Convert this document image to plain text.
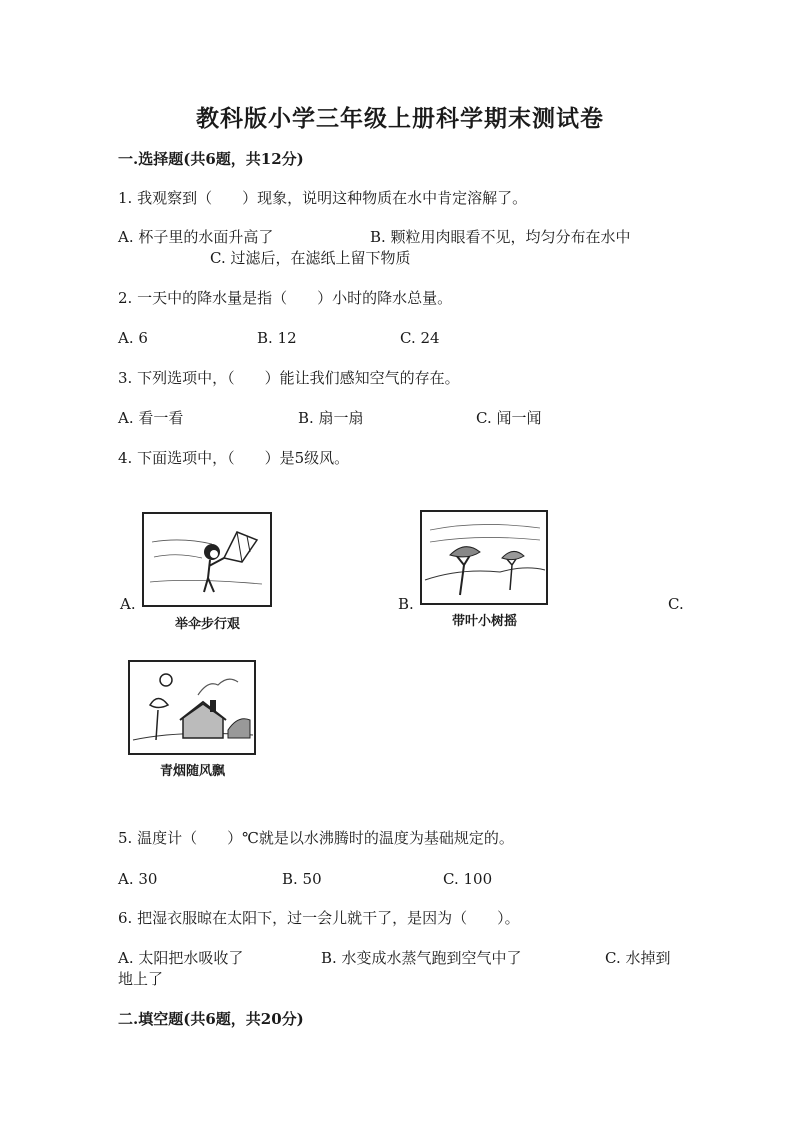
教科版小学三年级上册科学期末测试卷
一.选择题(共6题，共12分)
1. 我观察到（　　）现象，说明这种物质在水中肯定溶解了。
A. 杯子里的水面升高了	B. 颗粒用肉眼看不见，均匀分布在水中
C. 过滤后，在滤纸上留下物质
2. 一天中的降水量是指（　　）小时的降水总量。
A. 6	B. 12	C. 24
3. 下列选项中，（　　）能让我们感知空气的存在。
A. 看一看	B. 扇一扇	C. 闻一闻
4. 下面选项中，（　　）是5级风。
A.	B.	C.
举伞步行艰	带叶小树摇
青烟随风飘
5. 温度计（　　）℃就是以水沸腾时的温度为基础规定的。
A. 30	B. 50	C. 100
6. 把湿衣服晾在太阳下，过一会儿就干了，是因为（　　）。
A. 太阳把水吸收了	B. 水变成水蒸气跑到空气中了	C. 水掉到
地上了
二.填空题(共6题，共20分)
